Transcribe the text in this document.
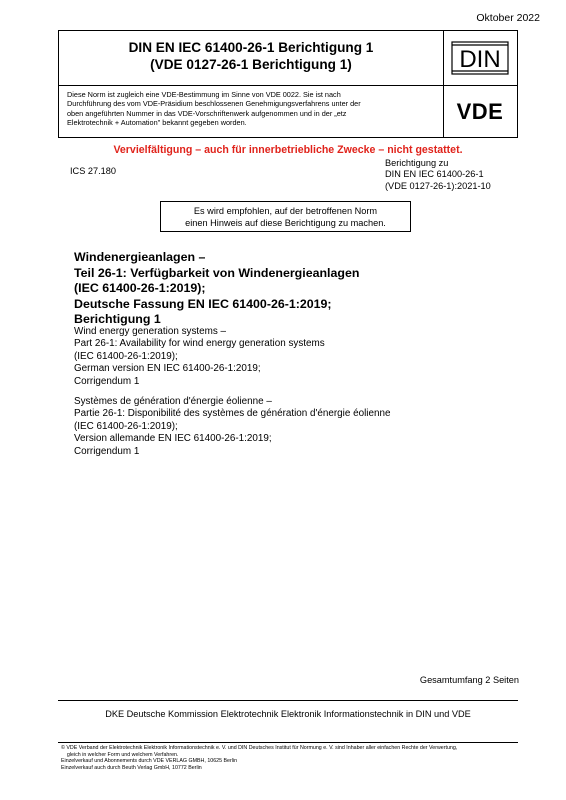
Oktober 2022
DIN EN IEC 61400-26-1 Berichtigung 1
(VDE 0127-26-1 Berichtigung 1)	DIN
VDE
Diese Norm ist zugleich eine VDE-Bestimmung im Sinne von VDE 0022. Sie ist nach
Durchführung des vom VDE-Präsidium beschlossenen Genehmigungsverfahrens unter der
oben angeführten Nummer in das VDE-Vorschriftenwerk aufgenommen und in der „etz
Elektrotechnik + Automation" bekannt gegeben worden.
Vervielfältigung – auch für innerbetriebliche Zwecke – nicht gestattet.
ICS 27.180
Berichtigung zu
DIN EN IEC 61400-26-1
(VDE 0127-26-1):2021-10
Es wird empfohlen, auf der betroffenen Norm
einen Hinweis auf diese Berichtigung zu machen.
Windenergieanlagen –
Teil 26-1: Verfügbarkeit von Windenergieanlagen
(IEC 61400-26-1:2019);
Deutsche Fassung EN IEC 61400-26-1:2019;
Berichtigung 1
Wind energy generation systems –
Part 26-1: Availability for wind energy generation systems
(IEC 61400-26-1:2019);
German version EN IEC 61400-26-1:2019;
Corrigendum 1
Systèmes de génération d'énergie éolienne –
Partie 26-1: Disponibilité des systèmes de génération d'énergie éolienne
(IEC 61400-26-1:2019);
Version allemande EN IEC 61400-26-1:2019;
Corrigendum 1
Gesamtumfang 2 Seiten
DKE Deutsche Kommission Elektrotechnik Elektronik Informationstechnik in DIN und VDE
© VDE Verband der Elektrotechnik Elektronik Informationstechnik e. V. und DIN Deutsches Institut für Normung e. V. sind Inhaber aller einfachen Rechte der Verwertung,
gleich in welcher Form und welchem Verfahren.
Einzelverkauf und Abonnements durch VDE VERLAG GMBH, 10625 Berlin
Einzelverkauf auch durch Beuth Verlag GmbH, 10772 Berlin
